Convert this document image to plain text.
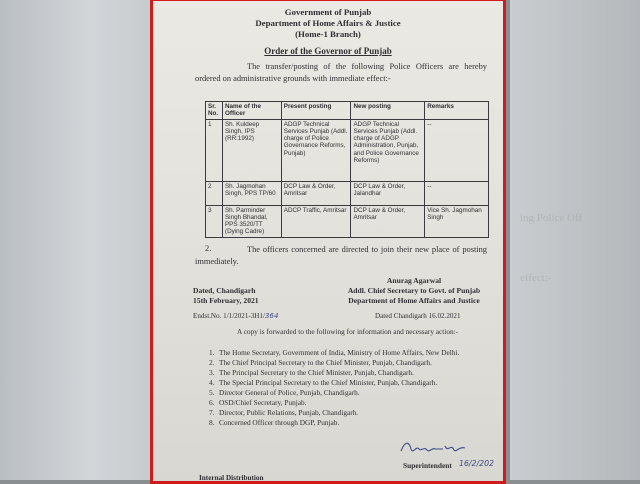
ing Police Off
effect:-
Government of Punjab
Department of Home Affairs & Justice
(Home-1 Branch)
Order of the Governor of Punjab
The transfer/posting of the following Police Officers are hereby ordered on administrative grounds with immediate effect:-
Sr. No.	Name of the Officer	Present posting	New posting	Remarks
1	Sh. Kuldeep Singh, IPS (RR:1992)	ADGP Technical Services Punjab (Addl. charge of Police Governance Reforms, Punjab)	ADGP Technical Services Punjab (Addl. charge of ADGP Administration, Punjab, and Police Governance Reforms)	--
2	Sh. Jagmohan Singh, PPS TP/60	DCP Law & Order, Amritsar	DCP Law & Order, Jalandhar	--
3	Sh. Parminder Singh Bhandal, PPS 3520/TT (Dying Cadre)	ADCP Traffic, Amritsar	DCP Law & Order, Amritsar	Vice Sh. Jagmohan Singh
2.	The officers concerned are directed to join their new place of posting immediately.
Anurag Agarwal
Addl. Chief Secretary to Govt. of Punjab
Department of Home Affairs and Justice
Dated, Chandigarh
15th February, 2021
Endst.No. 1/1/2021-3H1/364	Dated Chandigarh 16.02.2021
A copy is forwarded to the following for information and necessary action:-
1. The Home Secretary, Government of India, Ministry of Home Affairs, New Delhi.
2. The Chief Principal Secretary to the Chief Minister, Punjab, Chandigarh.
3. The Principal Secretary to the Chief Minister, Punjab, Chandigarh.
4. The Special Principal Secretary to the Chief Minister, Punjab, Chandigarh.
5. Director General of Police, Punjab, Chandigarh.
6. OSD/Chief Secretary, Punjab.
7. Director, Public Relations, Punjab, Chandigarh.
8. Concerned Officer through DGP, Punjab.
Superintendent 16/2/202
Internal Distribution
